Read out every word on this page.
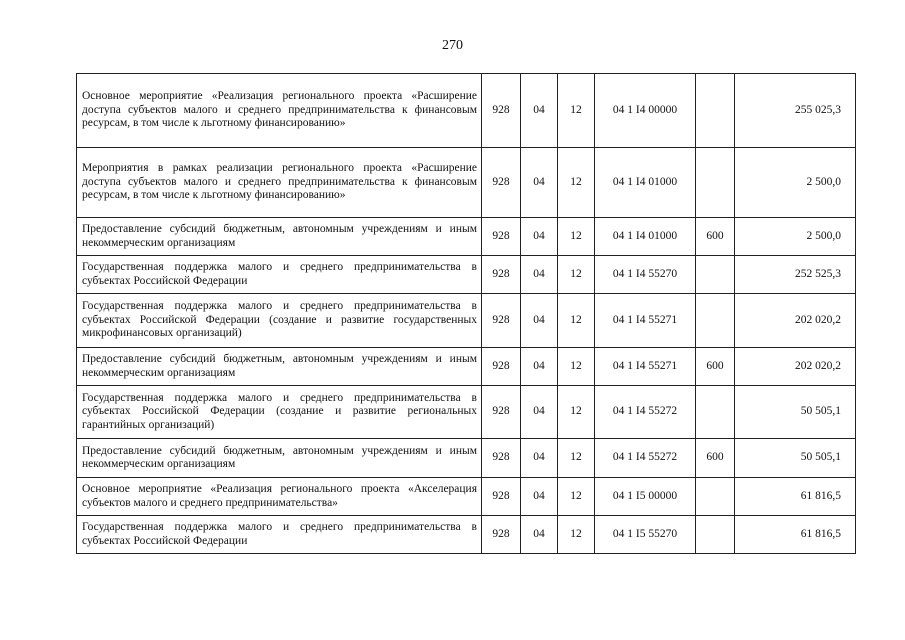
270
Основное мероприятие «Реализация регионального проекта «Расширение доступа субъектов малого и среднего предпринимательства к финансовым ресурсам, в том числе к льготному финансированию»	928	04	12	04 1 I4 00000		255 025,3
Мероприятия в рамках реализации регионального проекта «Расширение доступа субъектов малого и среднего предпринимательства к финансовым ресурсам, в том числе к льготному финансированию»	928	04	12	04 1 I4 01000		2 500,0
Предоставление субсидий бюджетным, автономным учреждениям и иным некоммерческим организациям	928	04	12	04 1 I4 01000	600	2 500,0
Государственная поддержка малого и среднего предпринимательства в субъектах Российской Федерации	928	04	12	04 1 I4 55270		252 525,3
Государственная поддержка малого и среднего предпринимательства в субъектах Российской Федерации (создание и развитие государственных микрофинансовых организаций)	928	04	12	04 1 I4 55271		202 020,2
Предоставление субсидий бюджетным, автономным учреждениям и иным некоммерческим организациям	928	04	12	04 1 I4 55271	600	202 020,2
Государственная поддержка малого и среднего предпринимательства в субъектах Российской Федерации (создание и развитие региональных гарантийных организаций)	928	04	12	04 1 I4 55272		50 505,1
Предоставление субсидий бюджетным, автономным учреждениям и иным некоммерческим организациям	928	04	12	04 1 I4 55272	600	50 505,1
Основное мероприятие «Реализация регионального проекта «Акселерация субъектов малого и среднего предпринимательства»	928	04	12	04 1 I5 00000		61 816,5
Государственная поддержка малого и среднего предпринимательства в субъектах Российской Федерации	928	04	12	04 1 I5 55270		61 816,5
